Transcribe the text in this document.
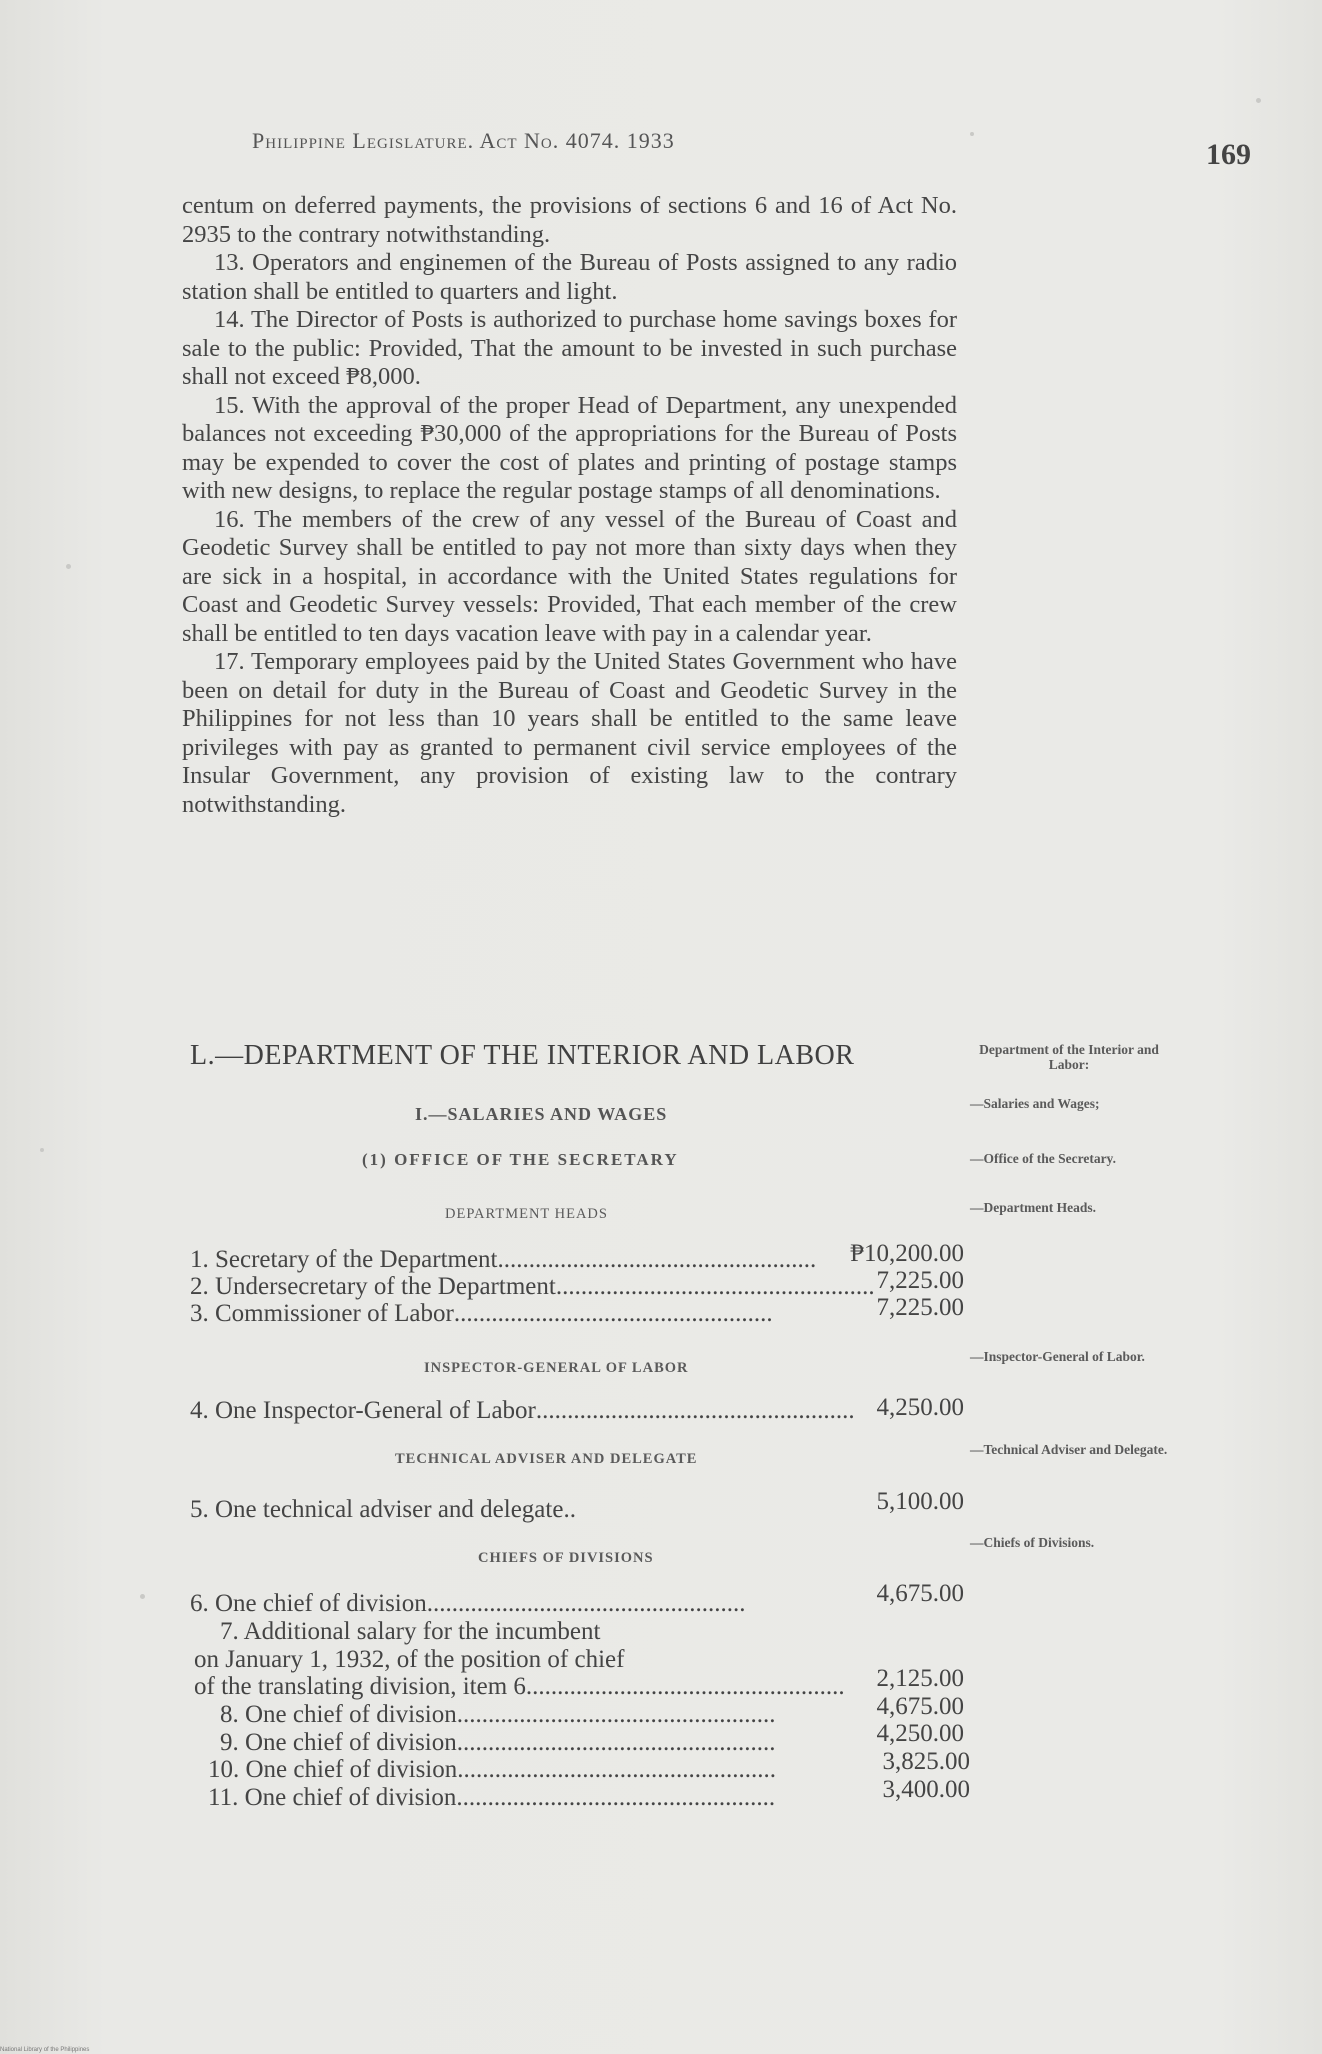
Philippine Legislature. Act No. 4074. 1933	169

centum on deferred payments, the provisions of sections 6 and 16 of Act No. 2935 to the contrary notwithstanding.

13. Operators and enginemen of the Bureau of Posts assigned to any radio station shall be entitled to quarters and light.

14. The Director of Posts is authorized to purchase home savings boxes for sale to the public: Provided, That the amount to be invested in such purchase shall not exceed ₱8,000.

15. With the approval of the proper Head of Department, any unexpended balances not exceeding ₱30,000 of the appropriations for the Bureau of Posts may be expended to cover the cost of plates and printing of postage stamps with new designs, to replace the regular postage stamps of all denominations.

16. The members of the crew of any vessel of the Bureau of Coast and Geodetic Survey shall be entitled to pay not more than sixty days when they are sick in a hospital, in accordance with the United States regulations for Coast and Geodetic Survey vessels: Provided, That each member of the crew shall be entitled to ten days vacation leave with pay in a calendar year.

17. Temporary employees paid by the United States Government who have been on detail for duty in the Bureau of Coast and Geodetic Survey in the Philippines for not less than 10 years shall be entitled to the same leave privileges with pay as granted to permanent civil service employees of the Insular Government, any provision of existing law to the contrary notwithstanding.

L.—DEPARTMENT OF THE INTERIOR AND LABOR	Department of the Interior and Labor:
I.—SALARIES AND WAGES
—Salaries and Wages;
(1) OFFICE OF THE SECRETARY	—Office of the Secretary.
DEPARTMENT HEADS	—Department Heads.
1. Secretary of the Department...................................................	₱10,200.00
2. Undersecretary of the Department................................................... 7,225.00
3. Commissioner of Labor...................................................	7,225.00
INSPECTOR-GENERAL OF LABOR
—Inspector-General of Labor.
4. One Inspector-General of Labor................................................... 4,250.00
TECHNICAL ADVISER AND DELEGATE
—Technical Adviser and Delegate.
5. One technical adviser and delegate..	5,100.00
CHIEFS OF DIVISIONS
—Chiefs of Divisions.
6. One chief of division...................................................	4,675.00
7. Additional salary for the incumbent
on January 1, 1932, of the position of chief
of the translating division, item 6...................................................	2,125.00
8. One chief of division...................................................	4,675.00
9. One chief of division...................................................	4,250.00
10. One chief of division...................................................	3,825.00
11. One chief of division...................................................	3,400.00
National Library of the Philippines
